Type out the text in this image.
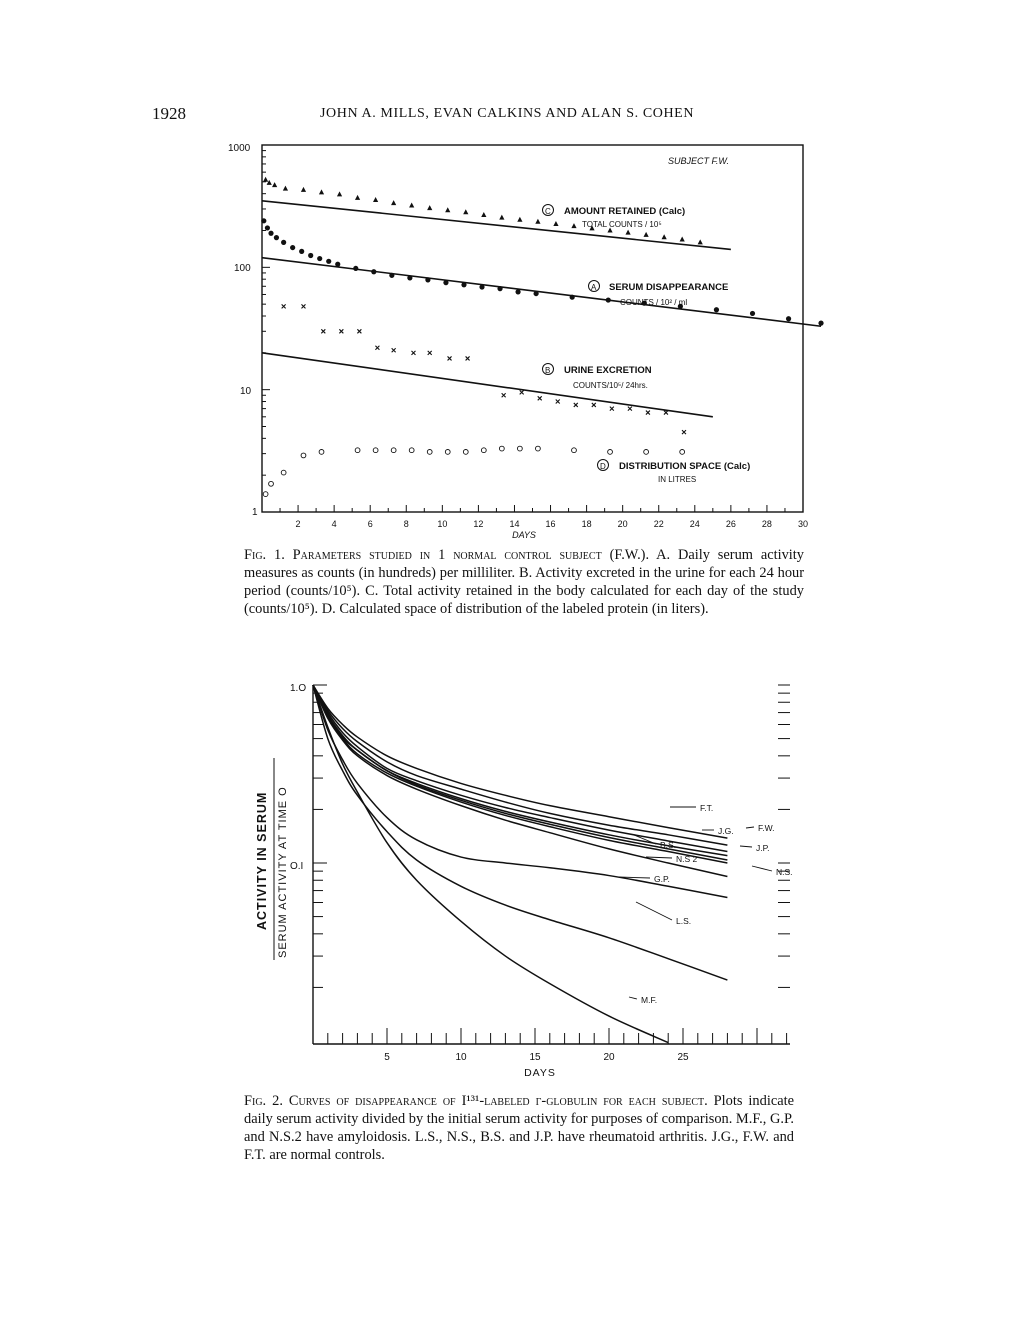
1928	JOHN A. MILLS, EVAN CALKINS AND ALAN S. COHEN
1000
100
10
1
SUBJECT F.W.
C AMOUNT RETAINED (Calc)
TOTAL COUNTS / 10⁵
A SERUM DISAPPEARANCE
COUNTS / 10² / ml
B URINE EXCRETION
COUNTS/10⁵/ 24hrs.
D DISTRIBUTION SPACE (Calc)
IN LITRES
DAYS
2	4	6	8	10	12	14	16	18	20	22	24	26	28	30
Fig. 1. Parameters studied in 1 normal control subject (F.W.). A. Daily serum activity measures as counts (in hundreds) per milliliter. B. Activity excreted in the urine for each 24 hour period (counts/10⁵). C. Total activity retained in the body calculated for each day of the study (counts/10⁵). D. Calculated space of distribution of the labeled protein (in liters).
1.O
O.I
ACTIVITY IN SERUM SERUM ACTIVITY AT TIME O
DAYS
5	10	15	20	25
F.T.
F.W.
J.G.
J.P.
B.S.
N.S.
N.S 2
G.P.
L.S.
M.F.
Fig. 2. Curves of disappearance of I¹³¹-labeled γ-globulin for each subject. Plots indicate daily serum activity divided by the initial serum activity for purposes of comparison. M.F., G.P. and N.S.2 have amyloidosis. L.S., N.S., B.S. and J.P. have rheumatoid arthritis. J.G., F.W. and F.T. are normal controls.
